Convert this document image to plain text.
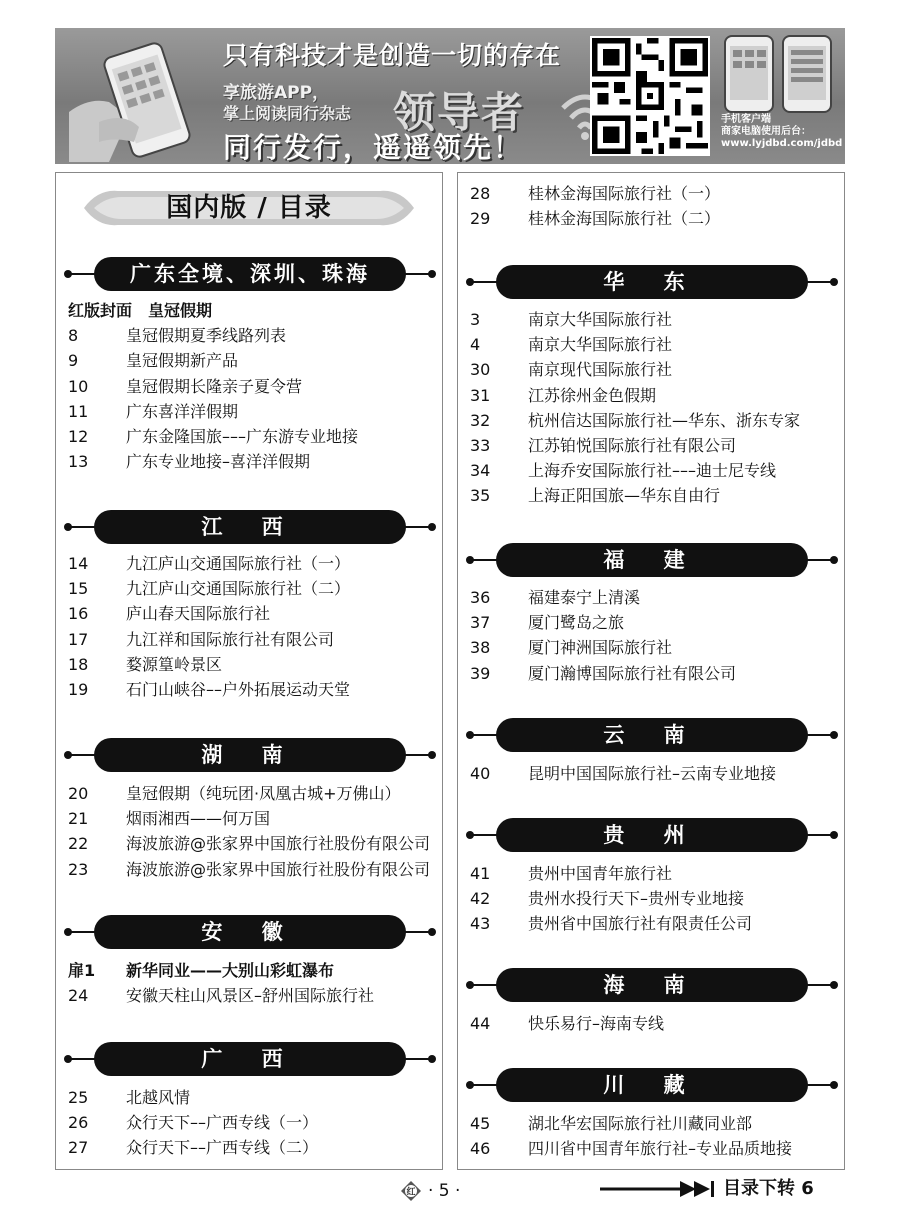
只有科技才是创造一切的存在
享旅游APP，
掌上阅读同行杂志 领导者
同行发行，遥遥领先！
手机客户端
商家电脑使用后台：
www.lyjdbd.com/jdbd
国内版 / 目录
广东全境、深圳、珠海
红版封面 皇冠假期
8	皇冠假期夏季线路列表
9	皇冠假期新产品
10	皇冠假期长隆亲子夏令营
11	广东喜洋洋假期
12	广东金隆国旅–––广东游专业地接
13	广东专业地接–喜洋洋假期
江 西
14	九江庐山交通国际旅行社（一）
15	九江庐山交通国际旅行社（二）
16	庐山春天国际旅行社
17	九江祥和国际旅行社有限公司
18	婺源篁岭景区
19	石门山峡谷––户外拓展运动天堂
湖 南
20	皇冠假期（纯玩团·凤凰古城+万佛山）
21	烟雨湘西——何万国
22	海波旅游@张家界中国旅行社股份有限公司
23	海波旅游@张家界中国旅行社股份有限公司
安 徽
扉1	新华同业——大别山彩虹瀑布
24	安徽天柱山风景区–舒州国际旅行社
广 西
25	北越风情
26	众行天下––广西专线（一）
27	众行天下––广西专线（二）
28	桂林金海国际旅行社（一）
29	桂林金海国际旅行社（二）
华 东
3	南京大华国际旅行社
4	南京大华国际旅行社
30	南京现代国际旅行社
31	江苏徐州金色假期
32	杭州信达国际旅行社—华东、浙东专家
33	江苏铂悦国际旅行社有限公司
34	上海乔安国际旅行社–––迪士尼专线
35	上海正阳国旅—华东自由行
福 建
36	福建泰宁上清溪
37	厦门鹭岛之旅
38	厦门神洲国际旅行社
39	厦门瀚博国际旅行社有限公司
云 南
40	昆明中国国际旅行社–云南专业地接
贵 州
41	贵州中国青年旅行社
42	贵州水投行天下–贵州专业地接
43	贵州省中国旅行社有限责任公司
海 南
44	快乐易行–海南专线
川 藏
45	湖北华宏国际旅行社川藏同业部
46	四川省中国青年旅行社–专业品质地接
红 · 5 ·	目录下转 6
